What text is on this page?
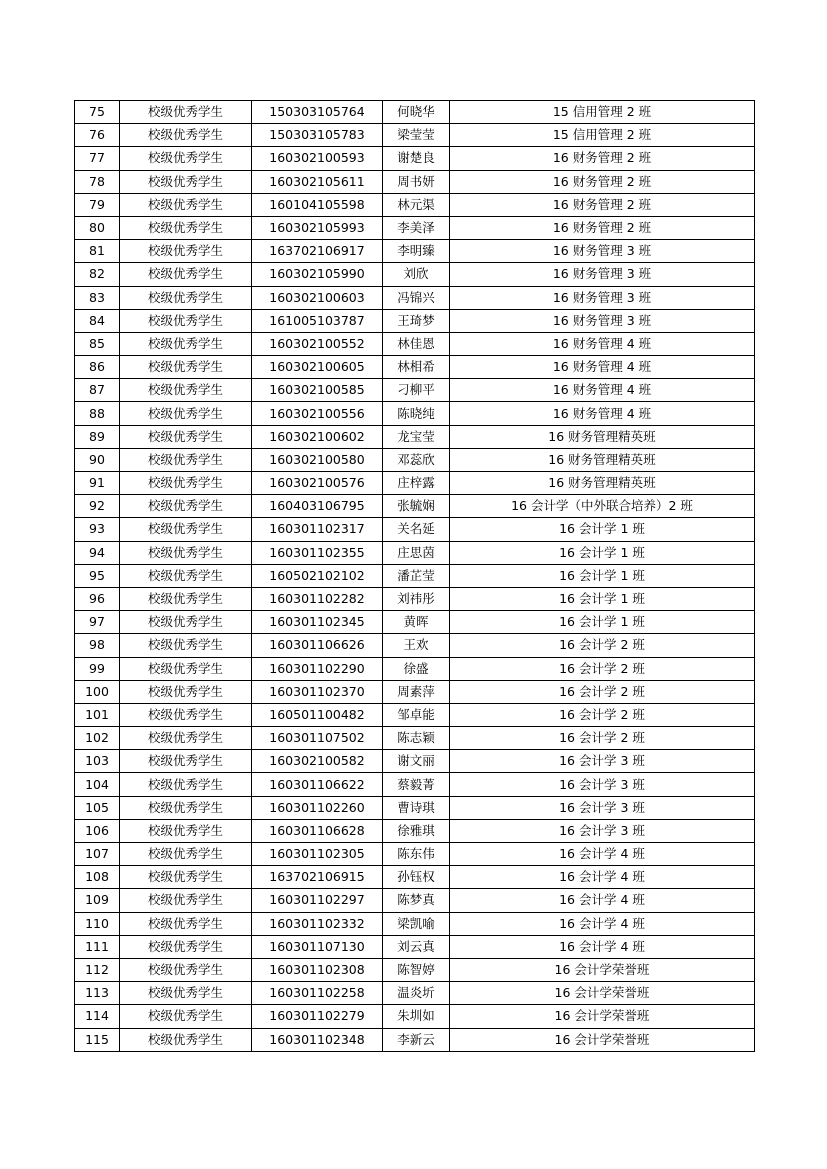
75	校级优秀学生	150303105764	何晓华	15 信用管理 2 班
76	校级优秀学生	150303105783	梁莹莹	15 信用管理 2 班
77	校级优秀学生	160302100593	谢楚良	16 财务管理 2 班
78	校级优秀学生	160302105611	周书妍	16 财务管理 2 班
79	校级优秀学生	160104105598	林元渠	16 财务管理 2 班
80	校级优秀学生	160302105993	李美泽	16 财务管理 2 班
81	校级优秀学生	163702106917	李明臻	16 财务管理 3 班
82	校级优秀学生	160302105990	刘欣	16 财务管理 3 班
83	校级优秀学生	160302100603	冯锦兴	16 财务管理 3 班
84	校级优秀学生	161005103787	王琦梦	16 财务管理 3 班
85	校级优秀学生	160302100552	林佳恩	16 财务管理 4 班
86	校级优秀学生	160302100605	林相希	16 财务管理 4 班
87	校级优秀学生	160302100585	刁柳平	16 财务管理 4 班
88	校级优秀学生	160302100556	陈晓纯	16 财务管理 4 班
89	校级优秀学生	160302100602	龙宝莹	16 财务管理精英班
90	校级优秀学生	160302100580	邓蕊欣	16 财务管理精英班
91	校级优秀学生	160302100576	庄梓露	16 财务管理精英班
92	校级优秀学生	160403106795	张毓娴	16 会计学（中外联合培养）2 班
93	校级优秀学生	160301102317	关名延	16 会计学 1 班
94	校级优秀学生	160301102355	庄思茵	16 会计学 1 班
95	校级优秀学生	160502102102	潘芷莹	16 会计学 1 班
96	校级优秀学生	160301102282	刘祎彤	16 会计学 1 班
97	校级优秀学生	160301102345	黄晖	16 会计学 1 班
98	校级优秀学生	160301106626	王欢	16 会计学 2 班
99	校级优秀学生	160301102290	徐盛	16 会计学 2 班
100	校级优秀学生	160301102370	周素萍	16 会计学 2 班
101	校级优秀学生	160501100482	邹卓能	16 会计学 2 班
102	校级优秀学生	160301107502	陈志颖	16 会计学 2 班
103	校级优秀学生	160302100582	谢文丽	16 会计学 3 班
104	校级优秀学生	160301106622	蔡毅菁	16 会计学 3 班
105	校级优秀学生	160301102260	曹诗琪	16 会计学 3 班
106	校级优秀学生	160301106628	徐雅琪	16 会计学 3 班
107	校级优秀学生	160301102305	陈东伟	16 会计学 4 班
108	校级优秀学生	163702106915	孙钰权	16 会计学 4 班
109	校级优秀学生	160301102297	陈梦真	16 会计学 4 班
110	校级优秀学生	160301102332	梁凯喻	16 会计学 4 班
111	校级优秀学生	160301107130	刘云真	16 会计学 4 班
112	校级优秀学生	160301102308	陈智婷	16 会计学荣誉班
113	校级优秀学生	160301102258	温炎圻	16 会计学荣誉班
114	校级优秀学生	160301102279	朱圳如	16 会计学荣誉班
115	校级优秀学生	160301102348	李新云	16 会计学荣誉班
